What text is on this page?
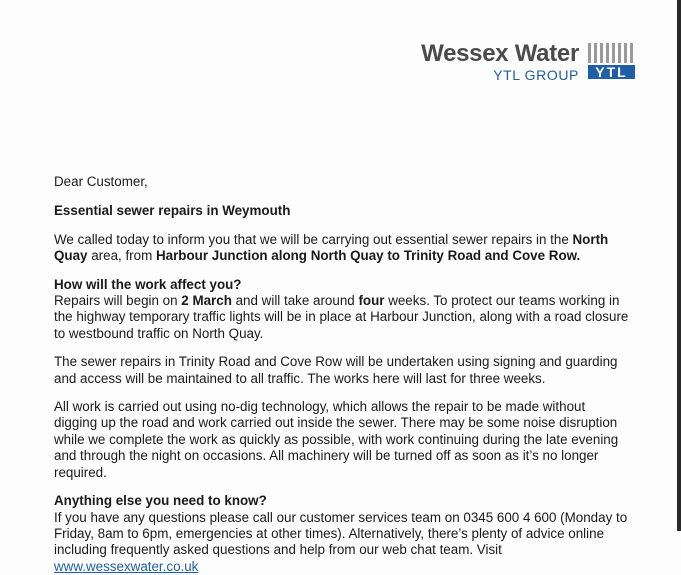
Wessex Water
YTL GROUP YTL

Dear Customer,

Essential sewer repairs in Weymouth

We called today to inform you that we will be carrying out essential sewer repairs in the North Quay area, from Harbour Junction along North Quay to Trinity Road and Cove Row.

How will the work affect you?

Repairs will begin on 2 March and will take around four weeks. To protect our teams working in the highway temporary traffic lights will be in place at Harbour Junction, along with a road closure to westbound traffic on North Quay.

The sewer repairs in Trinity Road and Cove Row will be undertaken using signing and guarding and access will be maintained to all traffic. The works here will last for three weeks.

All work is carried out using no-dig technology, which allows the repair to be made without digging up the road and work carried out inside the sewer. There may be some noise disruption while we complete the work as quickly as possible, with work continuing during the late evening and through the night on occasions. All machinery will be turned off as soon as it’s no longer required.

Anything else you need to know?

If you have any questions please call our customer services team on 0345 600 4 600 (Monday to Friday, 8am to 6pm, emergencies at other times). Alternatively, there’s plenty of advice online including frequently asked questions and help from our web chat team. Visit

www.wessexwater.co.uk
